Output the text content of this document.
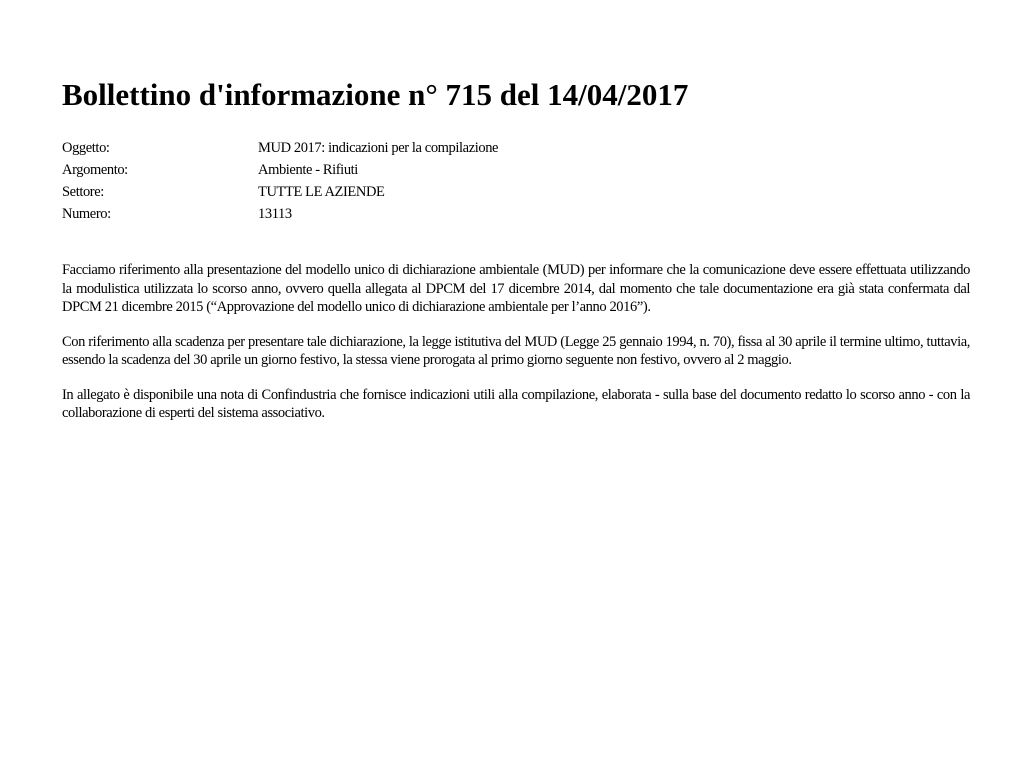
Bollettino d'informazione n° 715 del 14/04/2017
Oggetto:	MUD 2017: indicazioni per la compilazione
Argomento:	Ambiente - Rifiuti
Settore:	TUTTE LE AZIENDE
Numero:	13113

Facciamo riferimento alla presentazione del modello unico di dichiarazione ambientale (MUD) per informare che la comunicazione deve essere effettuata utilizzando la modulistica utilizzata lo scorso anno, ovvero quella allegata al DPCM del 17 dicembre 2014, dal momento che tale documentazione era già stata confermata dal DPCM 21 dicembre 2015 (“Approvazione del modello unico di dichiarazione ambientale per l’anno 2016”).

Con riferimento alla scadenza per presentare tale dichiarazione, la legge istitutiva del MUD (Legge 25 gennaio 1994, n. 70), fissa al 30 aprile il termine ultimo, tuttavia, essendo la scadenza del 30 aprile un giorno festivo, la stessa viene prorogata al primo giorno seguente non festivo, ovvero al 2 maggio.

In allegato è disponibile una nota di Confindustria che fornisce indicazioni utili alla compilazione, elaborata - sulla base del documento redatto lo scorso anno - con la collaborazione di esperti del sistema associativo.
